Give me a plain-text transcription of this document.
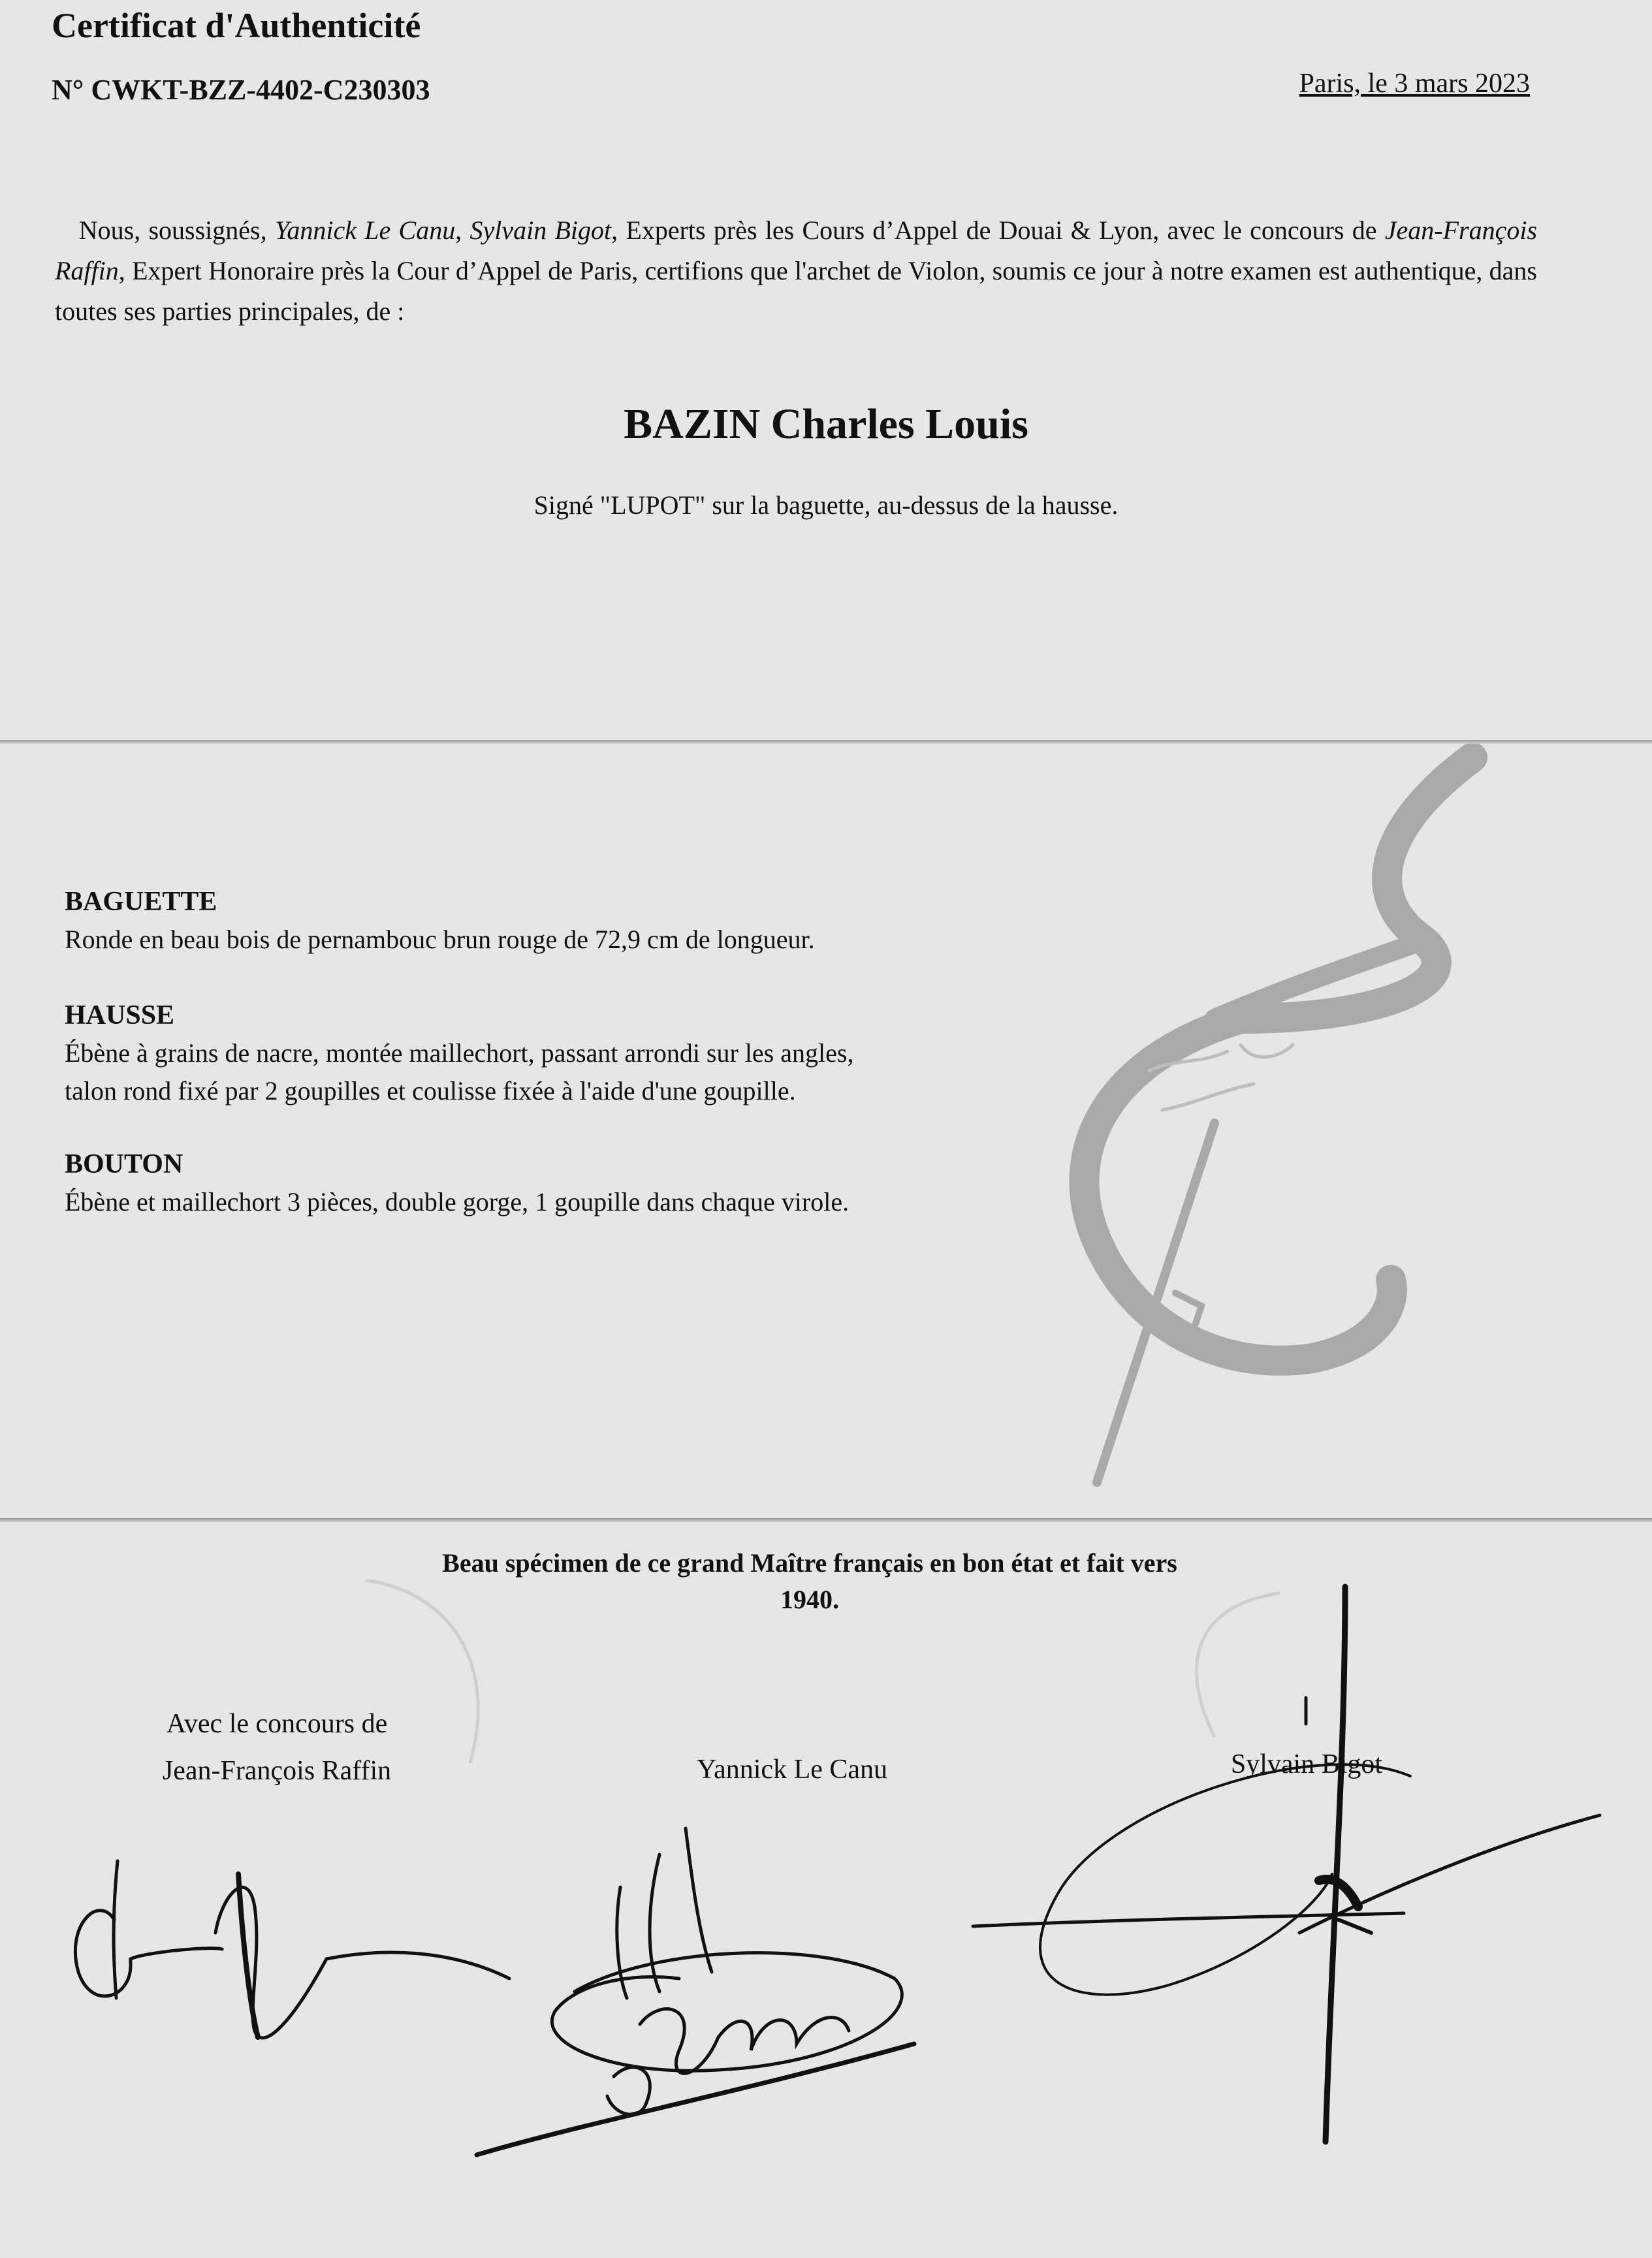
Certificat d'Authenticité
N° CWKT-BZZ-4402-C230303	Paris, le 3 mars 2023
Nous, soussignés, Yannick Le Canu, Sylvain Bigot, Experts près les Cours d’Appel de Douai & Lyon, avec le concours de Jean-François Raffin, Expert Honoraire près la Cour d’Appel de Paris, certifions que l'archet de Violon, soumis ce jour à notre examen est authentique, dans toutes ses parties principales, de :
BAZIN Charles Louis
Signé "LUPOT" sur la baguette, au-dessus de la hausse.
BAGUETTE

Ronde en beau bois de pernambouc brun rouge de 72,9 cm de longueur.

HAUSSE

Ébène à grains de nacre, montée maillechort, passant arrondi sur les angles,

talon rond fixé par 2 goupilles et coulisse fixée à l'aide d'une goupille.

BOUTON

Ébène et maillechort 3 pièces, double gorge, 1 goupille dans chaque virole.

Beau spécimen de ce grand Maître français en bon état et fait vers
1940.
Avec le concours de
Jean-François Raffin	Yannick Le Canu	Sylvain Bigot
